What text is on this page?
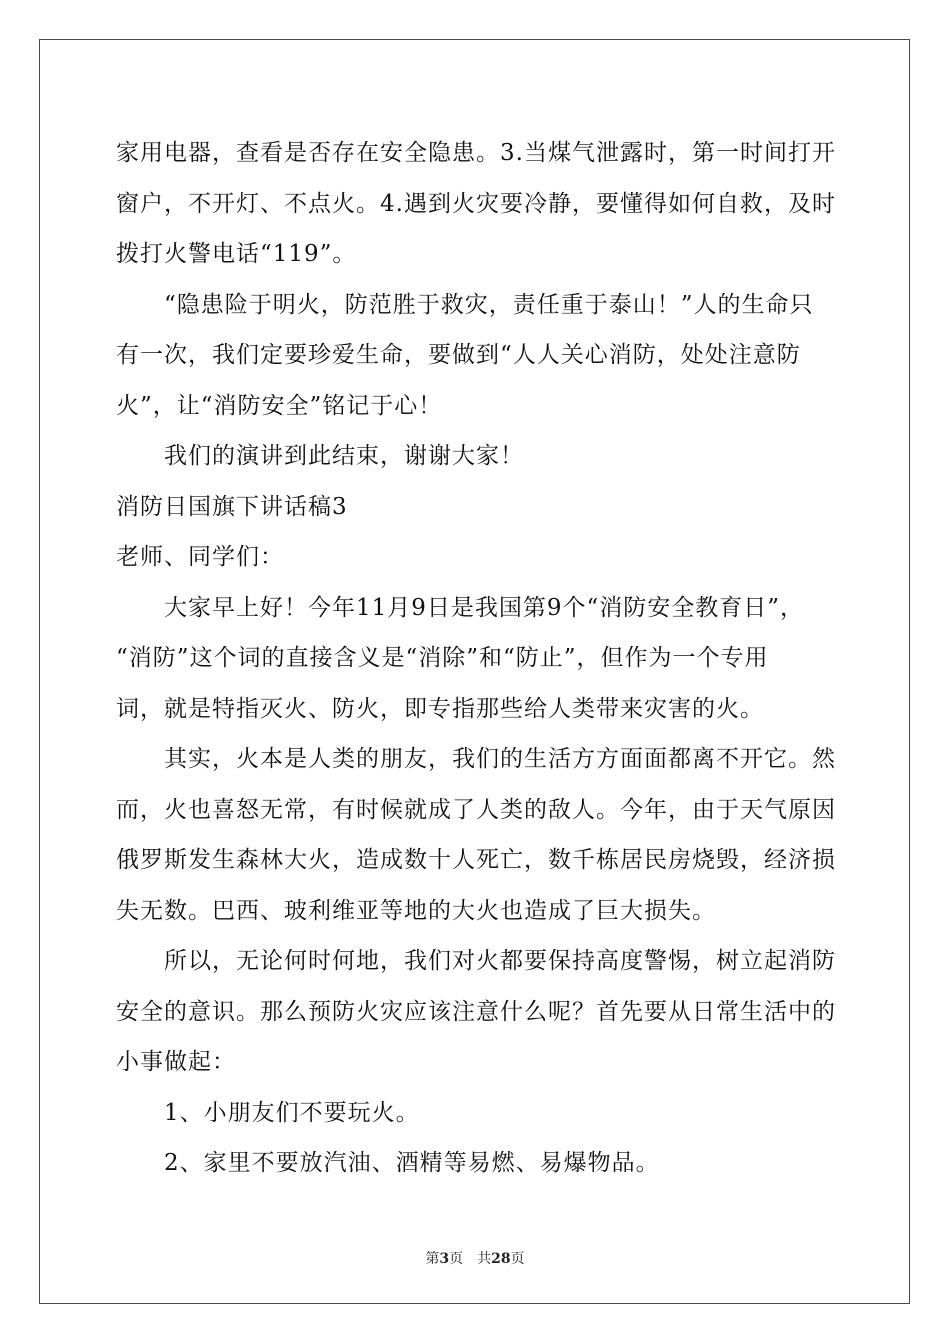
家用电器，查看是否存在安全隐患。3.当煤气泄露时，第一时间打开
窗户，不开灯、不点火。4.遇到火灾要冷静，要懂得如何自救，及时
拨打火警电话“119”。
“隐患险于明火，防范胜于救灾，责任重于泰山！”人的生命只
有一次，我们定要珍爱生命，要做到“人人关心消防，处处注意防
火”，让“消防安全”铭记于心！
我们的演讲到此结束，谢谢大家！
消防日国旗下讲话稿3
老师、同学们：
大家早上好！今年11月9日是我国第9个“消防安全教育日”，
“消防”这个词的直接含义是“消除”和“防止”，但作为一个专用
词，就是特指灭火、防火，即专指那些给人类带来灾害的火。
其实，火本是人类的朋友，我们的生活方方面面都离不开它。然
而，火也喜怒无常，有时候就成了人类的敌人。今年，由于天气原因
俄罗斯发生森林大火，造成数十人死亡，数千栋居民房烧毁，经济损
失无数。巴西、玻利维亚等地的大火也造成了巨大损失。
所以，无论何时何地，我们对火都要保持高度警惕，树立起消防
安全的意识。那么预防火灾应该注意什么呢？首先要从日常生活中的
小事做起：
1、小朋友们不要玩火。
2、家里不要放汽油、酒精等易燃、易爆物品。
第3页　共28页
